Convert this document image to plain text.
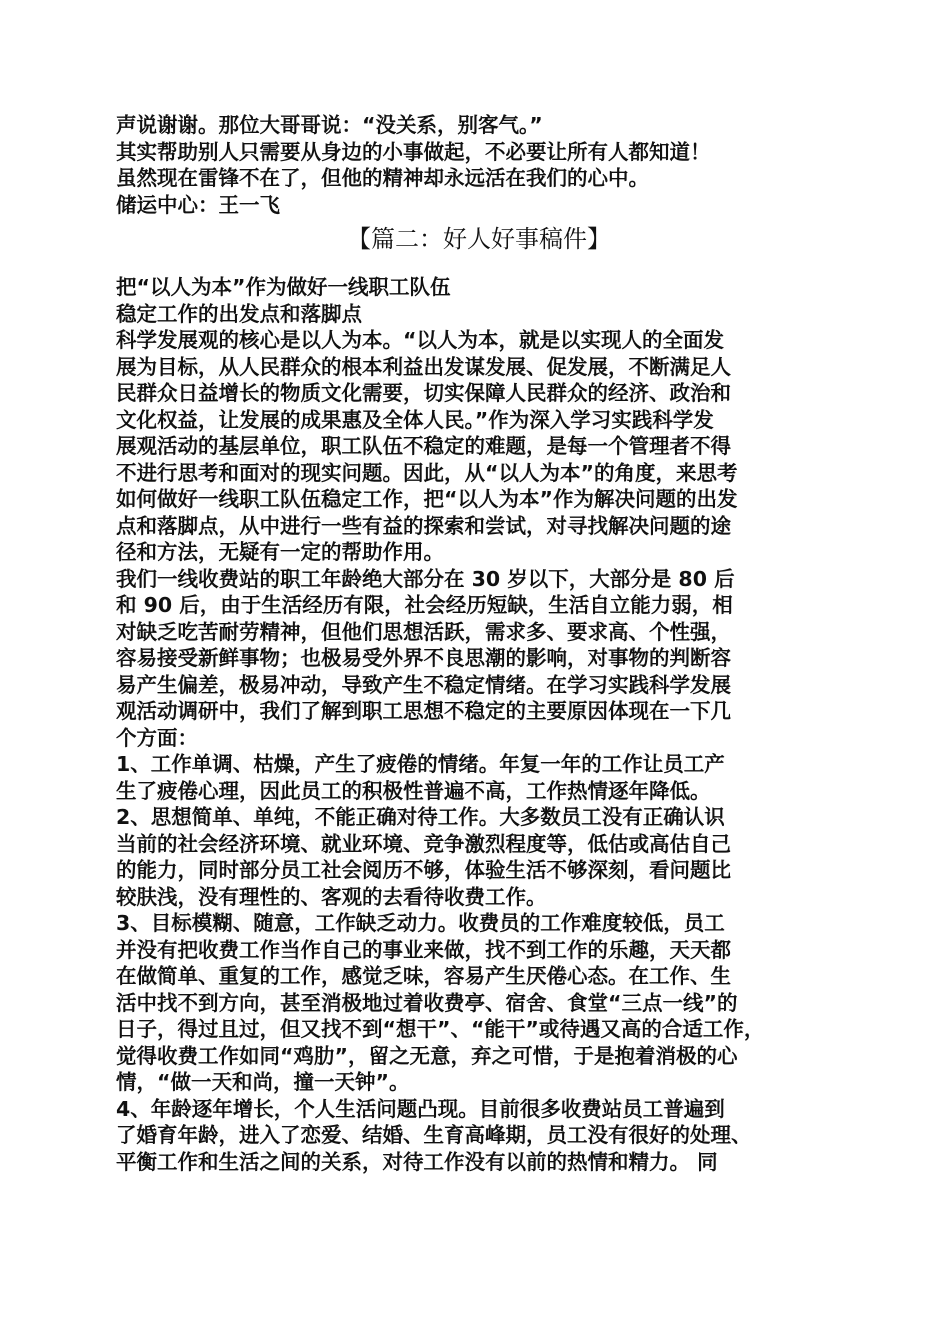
声说谢谢。那位大哥哥说：“没关系，别客气。”
其实帮助别人只需要从身边的小事做起，不必要让所有人都知道！
虽然现在雷锋不在了，但他的精神却永远活在我们的心中。
储运中心：王一飞
【篇二：好人好事稿件】
把“以人为本”作为做好一线职工队伍
稳定工作的出发点和落脚点
科学发展观的核心是以人为本。“以人为本，就是以实现人的全面发
展为目标，从人民群众的根本利益出发谋发展、促发展，不断满足人
民群众日益增长的物质文化需要，切实保障人民群众的经济、政治和
文化权益，让发展的成果惠及全体人民。”作为深入学习实践科学发
展观活动的基层单位，职工队伍不稳定的难题，是每一个管理者不得
不进行思考和面对的现实问题。因此，从“以人为本”的角度，来思考
如何做好一线职工队伍稳定工作，把“以人为本”作为解决问题的出发
点和落脚点，从中进行一些有益的探索和尝试，对寻找解决问题的途
径和方法，无疑有一定的帮助作用。
我们一线收费站的职工年龄绝大部分在 30 岁以下，大部分是 80 后
和 90 后，由于生活经历有限，社会经历短缺，生活自立能力弱，相
对缺乏吃苦耐劳精神，但他们思想活跃，需求多、要求高、个性强，
容易接受新鲜事物；也极易受外界不良思潮的影响，对事物的判断容
易产生偏差，极易冲动，导致产生不稳定情绪。在学习实践科学发展
观活动调研中，我们了解到职工思想不稳定的主要原因体现在一下几
个方面：
1、工作单调、枯燥，产生了疲倦的情绪。年复一年的工作让员工产
生了疲倦心理，因此员工的积极性普遍不高，工作热情逐年降低。
2、思想简单、单纯，不能正确对待工作。大多数员工没有正确认识
当前的社会经济环境、就业环境、竞争激烈程度等，低估或高估自己
的能力，同时部分员工社会阅历不够，体验生活不够深刻，看问题比
较肤浅，没有理性的、客观的去看待收费工作。
3、目标模糊、随意，工作缺乏动力。收费员的工作难度较低，员工
并没有把收费工作当作自己的事业来做，找不到工作的乐趣，天天都
在做简单、重复的工作，感觉乏味，容易产生厌倦心态。在工作、生
活中找不到方向，甚至消极地过着收费亭、宿舍、食堂“三点一线”的
日子，得过且过，但又找不到“想干”、“能干”或待遇又高的合适工作，
觉得收费工作如同“鸡肋”，留之无意，弃之可惜，于是抱着消极的心
情，“做一天和尚，撞一天钟”。
4、年龄逐年增长，个人生活问题凸现。目前很多收费站员工普遍到
了婚育年龄，进入了恋爱、结婚、生育高峰期，员工没有很好的处理、
平衡工作和生活之间的关系，对待工作没有以前的热情和精力。 同
